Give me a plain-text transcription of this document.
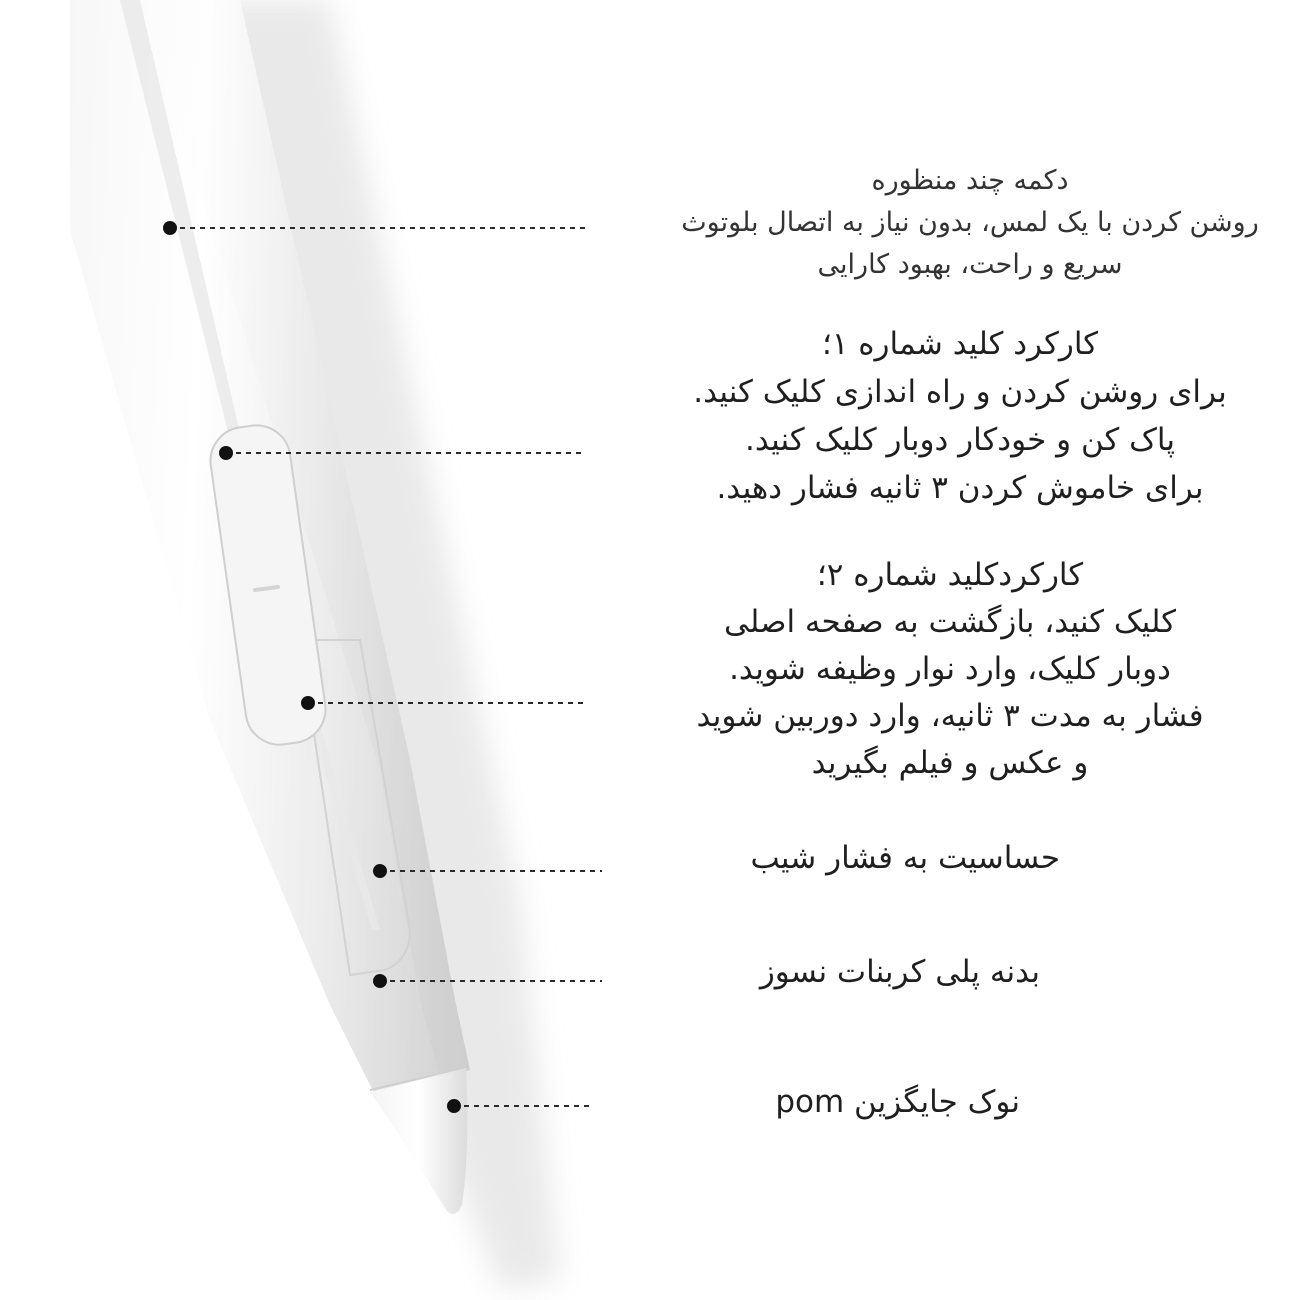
دکمه چند منظوره
روشن کردن با یک لمس، بدون نیاز به اتصال بلوتوث
سریع و راحت، بهبود کارایی
کارکرد کلید شماره ۱؛
برای روشن کردن و راه اندازی کلیک کنید.
پاک کن و خودکار دوبار کلیک کنید.
برای خاموش کردن ۳ ثانیه فشار دهید.
کارکردکلید شماره ۲؛
کلیک کنید، بازگشت به صفحه اصلی
دوبار کلیک، وارد نوار وظیفه شوید.
فشار به مدت ۳ ثانیه، وارد دوربین شوید
و عکس و فیلم بگیرید
حساسیت به فشار شیب
بدنه پلی کربنات نسوز
نوک جایگزین pom
